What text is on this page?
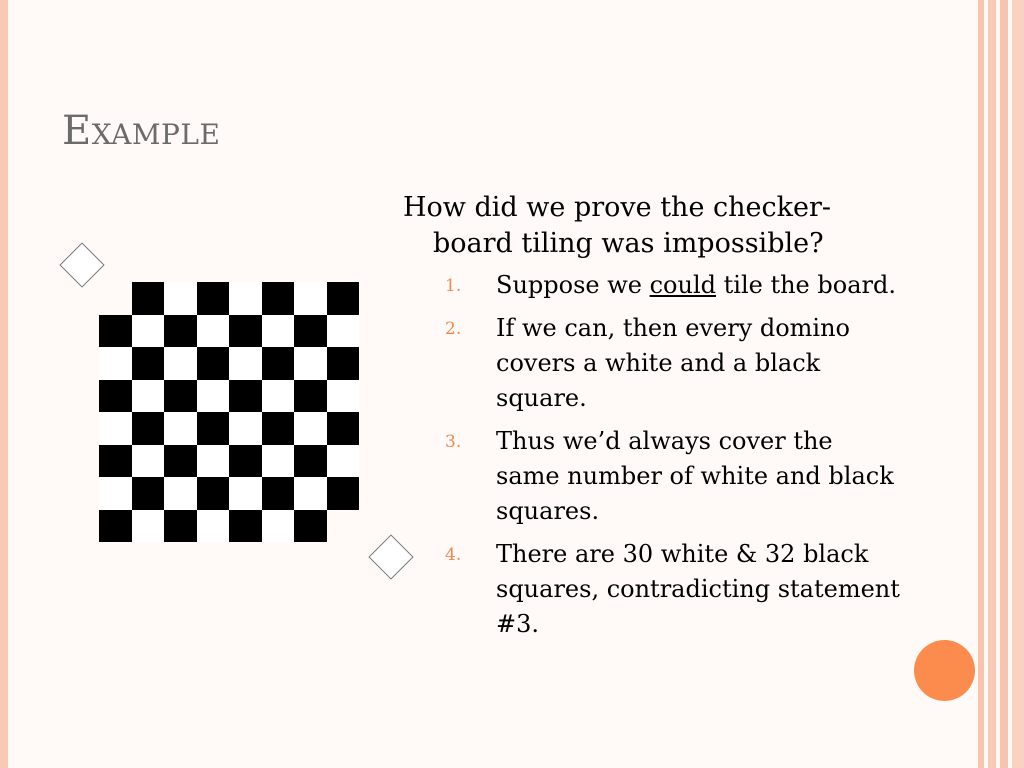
Example

How did we prove the checker-board tiling was impossible?

1. Suppose we could tile the board.
2. If we can, then every domino covers a white and a black square.
3. Thus we’d always cover the same number of white and black squares.
4. There are 30 white & 32 black squares, contradicting statement #3.
